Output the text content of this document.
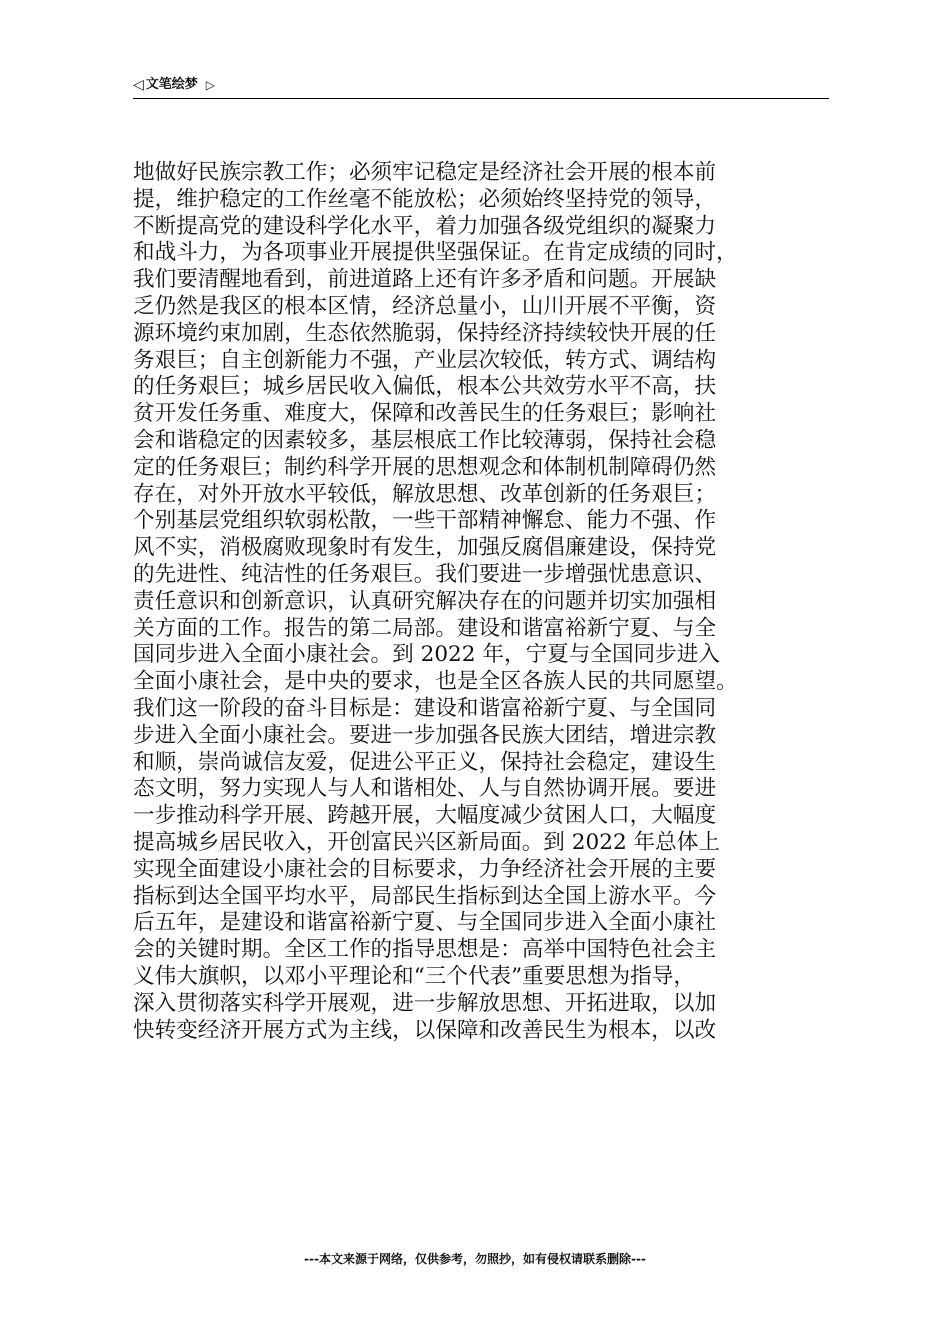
◁ 文笔绘梦 ▷
地做好民族宗教工作；必须牢记稳定是经济社会开展的根本前
提，维护稳定的工作丝毫不能放松；必须始终坚持党的领导，
不断提高党的建设科学化水平，着力加强各级党组织的凝聚力
和战斗力，为各项事业开展提供坚强保证。在肯定成绩的同时，
我们要清醒地看到，前进道路上还有许多矛盾和问题。开展缺
乏仍然是我区的根本区情，经济总量小，山川开展不平衡，资
源环境约束加剧，生态依然脆弱，保持经济持续较快开展的任
务艰巨；自主创新能力不强，产业层次较低，转方式、调结构
的任务艰巨；城乡居民收入偏低，根本公共效劳水平不高，扶
贫开发任务重、难度大，保障和改善民生的任务艰巨；影响社
会和谐稳定的因素较多，基层根底工作比较薄弱，保持社会稳
定的任务艰巨；制约科学开展的思想观念和体制机制障碍仍然
存在，对外开放水平较低，解放思想、改革创新的任务艰巨；
个别基层党组织软弱松散，一些干部精神懈怠、能力不强、作
风不实，消极腐败现象时有发生，加强反腐倡廉建设，保持党
的先进性、纯洁性的任务艰巨。我们要进一步增强忧患意识、
责任意识和创新意识，认真研究解决存在的问题并切实加强相
关方面的工作。报告的第二局部。建设和谐富裕新宁夏、与全
国同步进入全面小康社会。到 2022 年，宁夏与全国同步进入
全面小康社会，是中央的要求，也是全区各族人民的共同愿望。
我们这一阶段的奋斗目标是：建设和谐富裕新宁夏、与全国同
步进入全面小康社会。要进一步加强各民族大团结，增进宗教
和顺，崇尚诚信友爱，促进公平正义，保持社会稳定，建设生
态文明，努力实现人与人和谐相处、人与自然协调开展。要进
一步推动科学开展、跨越开展，大幅度减少贫困人口，大幅度
提高城乡居民收入，开创富民兴区新局面。到 2022 年总体上
实现全面建设小康社会的目标要求，力争经济社会开展的主要
指标到达全国平均水平，局部民生指标到达全国上游水平。今
后五年，是建设和谐富裕新宁夏、与全国同步进入全面小康社
会的关键时期。全区工作的指导思想是：高举中国特色社会主
义伟大旗帜，以邓小平理论和“三个代表”重要思想为指导，
深入贯彻落实科学开展观，进一步解放思想、开拓进取，以加
快转变经济开展方式为主线，以保障和改善民生为根本，以改
---本文来源于网络，仅供参考，勿照抄，如有侵权请联系删除---
